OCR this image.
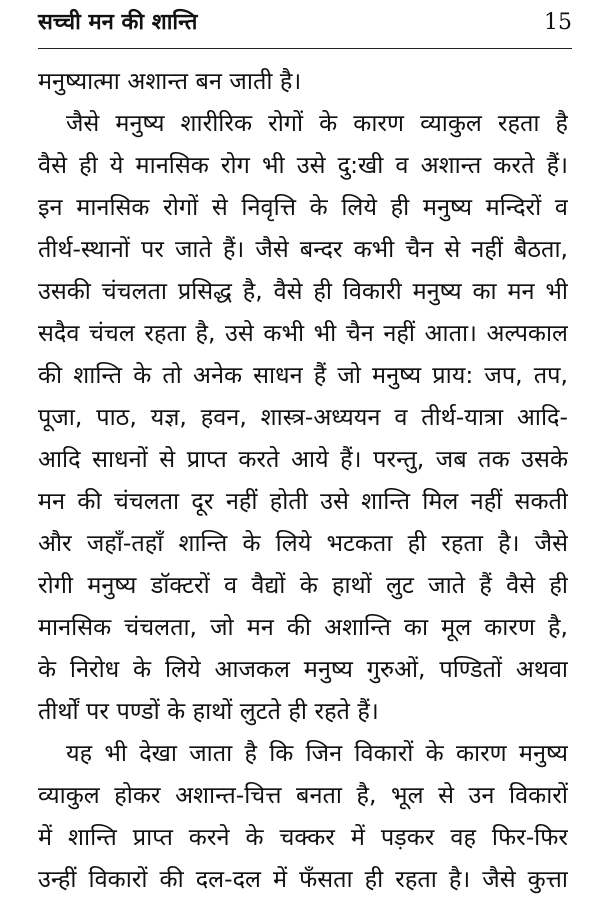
सच्ची मन की शान्ति	15
मनुष्यात्मा अशान्त बन जाती है।
जैसे मनुष्य शारीरिक रोगों के कारण व्याकुल रहता है
वैसे ही ये मानसिक रोग भी उसे दु:खी व अशान्त करते हैं।
इन मानसिक रोगों से निवृत्ति के लिये ही मनुष्य मन्दिरों व
तीर्थ-स्थानों पर जाते हैं। जैसे बन्दर कभी चैन से नहीं बैठता,
उसकी चंचलता प्रसिद्ध है, वैसे ही विकारी मनुष्य का मन भी
सदैव चंचल रहता है, उसे कभी भी चैन नहीं आता। अल्पकाल
की शान्ति के तो अनेक साधन हैं जो मनुष्य प्राय: जप, तप,
पूजा, पाठ, यज्ञ, हवन, शास्त्र-अध्ययन व तीर्थ-यात्रा आदि-
आदि साधनों से प्राप्त करते आये हैं। परन्तु, जब तक उसके
मन की चंचलता दूर नहीं होती उसे शान्ति मिल नहीं सकती
और जहाँ-तहाँ शान्ति के लिये भटकता ही रहता है। जैसे
रोगी मनुष्य डॉक्टरों व वैद्यों के हाथों लुट जाते हैं वैसे ही
मानसिक चंचलता, जो मन की अशान्ति का मूल कारण है,
के निरोध के लिये आजकल मनुष्य गुरुओं, पण्डितों अथवा
तीर्थों पर पण्डों के हाथों लुटते ही रहते हैं।
यह भी देखा जाता है कि जिन विकारों के कारण मनुष्य
व्याकुल होकर अशान्त-चित्त बनता है, भूल से उन विकारों
में शान्ति प्राप्त करने के चक्कर में पड़कर वह फिर-फिर
उन्हीं विकारों की दल-दल में फँसता ही रहता है। जैसे कुत्ता
